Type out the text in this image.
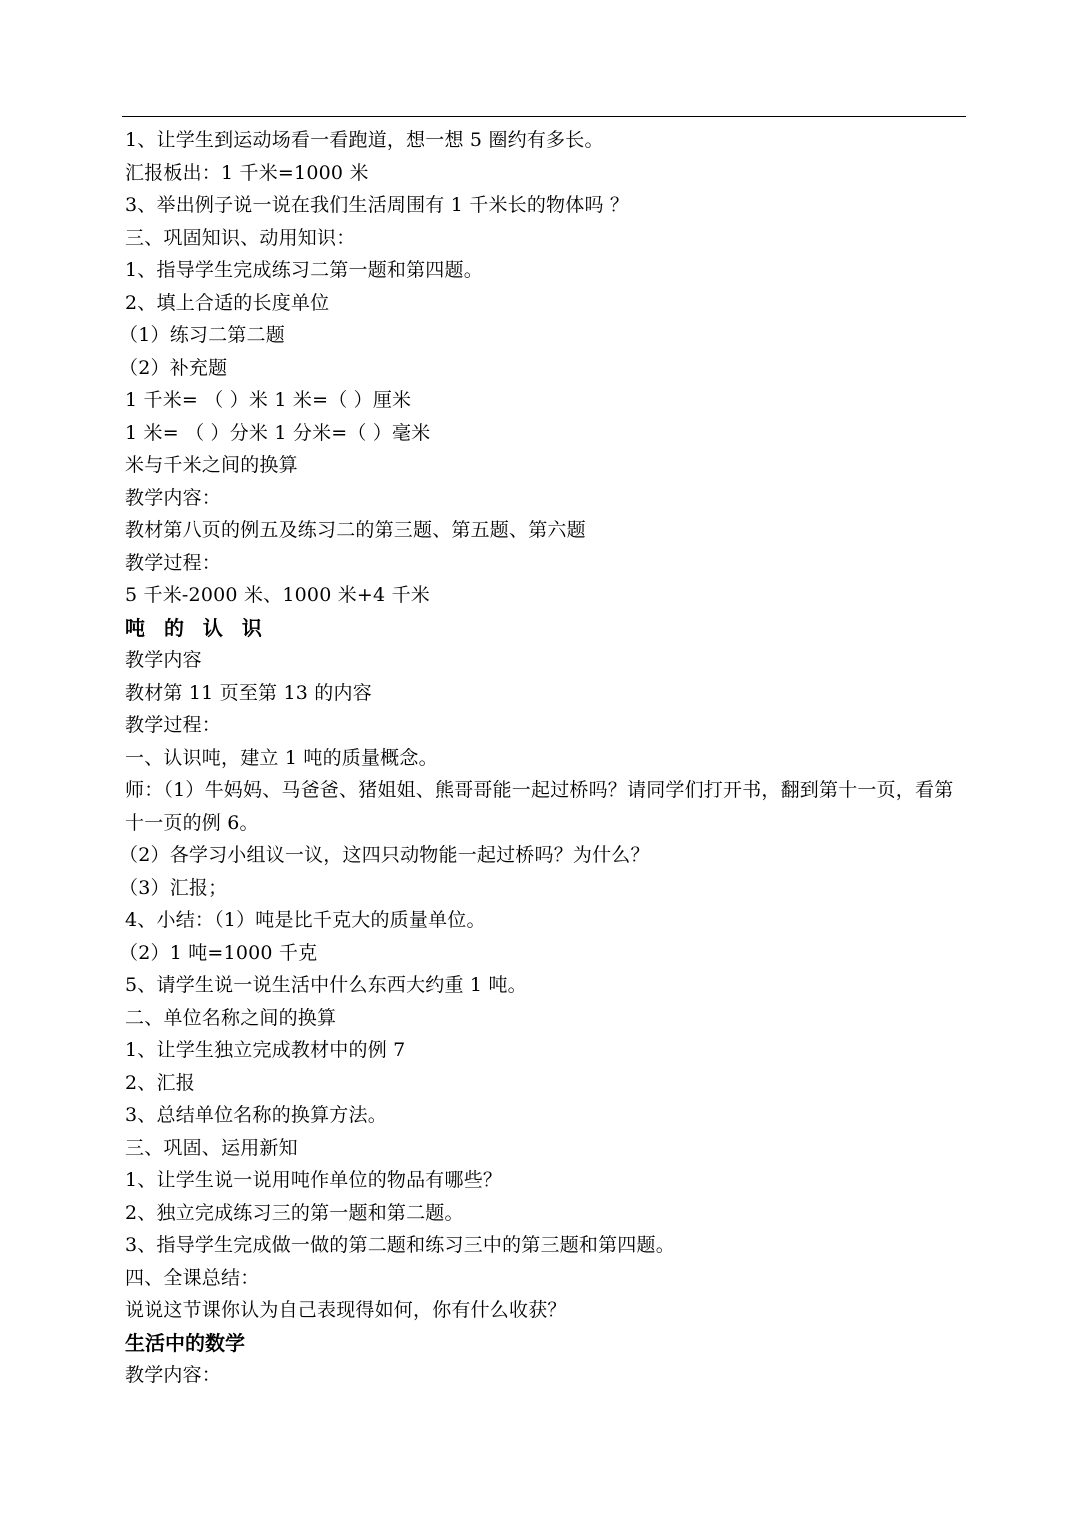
1、让学生到运动场看一看跑道，想一想 5 圈约有多长。
汇报板出：1 千米=1000 米
3、举出例子说一说在我们生活周围有 1 千米长的物体吗 ？
三、巩固知识、动用知识：
1、指导学生完成练习二第一题和第四题。
2、填上合适的长度单位
（1）练习二第二题
（2）补充题
1 千米= （ ）米 1 米=（ ）厘米
1 米= （ ）分米 1 分米=（ ）毫米
米与千米之间的换算
教学内容：
教材第八页的例五及练习二的第三题、第五题、第六题
教学过程：
5 千米-2000 米、1000 米+4 千米
吨 的 认 识
教学内容
教材第 11 页至第 13 的内容
教学过程：
一、认识吨，建立 1 吨的质量概念。
师：（1）牛妈妈、马爸爸、猪姐姐、熊哥哥能一起过桥吗？请同学们打开书，翻到第十一页，看第十一页的例 6。
（2）各学习小组议一议，这四只动物能一起过桥吗？为什么？
（3）汇报；
4、小结：（1）吨是比千克大的质量单位。
（2）1 吨=1000 千克
5、请学生说一说生活中什么东西大约重 1 吨。
二、单位名称之间的换算
1、让学生独立完成教材中的例 7
2、汇报
3、总结单位名称的换算方法。
三、巩固、运用新知
1、让学生说一说用吨作单位的物品有哪些？
2、独立完成练习三的第一题和第二题。
3、指导学生完成做一做的第二题和练习三中的第三题和第四题。
四、全课总结：
说说这节课你认为自己表现得如何，你有什么收获？
生活中的数学
教学内容：
